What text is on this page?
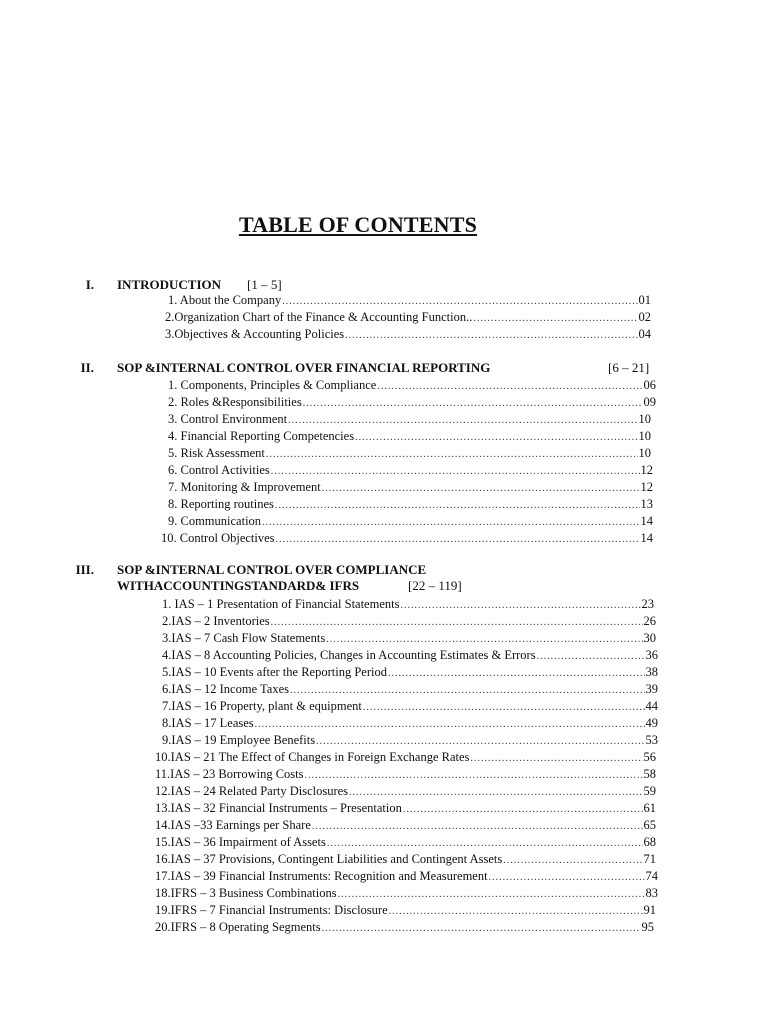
TABLE OF CONTENTS
I. INTRODUCTION [1 – 5]
1. About the Company .....	01
2.Organization Chart of the Finance & Accounting Function.. .....	02
3.Objectives & Accounting Policies .....	04
II. SOP &INTERNAL CONTROL OVER FINANCIAL REPORTING	[6 – 21]
1. Components, Principles & Compliance .....	06
2. Roles &Responsibilities .....	09
3. Control Environment .....	10
4. Financial Reporting Competencies .....	10
5. Risk Assessment .....	10
6. Control Activities .....	12
7. Monitoring & Improvement .....	12
8. Reporting routines .....	13
9. Communication .....	14
10. Control Objectives .....	14
III. SOP &INTERNAL CONTROL OVER COMPLIANCE
WITHACCOUNTINGSTANDARD& IFRS	[22 – 119]
1. IAS – 1 Presentation of Financial Statements .....	23
2.IAS – 2 Inventories .....	26
3.IAS – 7 Cash Flow Statements .....	30
4.IAS – 8 Accounting Policies, Changes in Accounting Estimates & Errors .....	36
5.IAS – 10 Events after the Reporting Period .....	38
6.IAS – 12 Income Taxes .....	39
7.IAS – 16 Property, plant & equipment .....	44
8.IAS – 17 Leases .....	49
9.IAS – 19 Employee Benefits .....	53
10.IAS – 21 The Effect of Changes in Foreign Exchange Rates .....	56
11.IAS – 23 Borrowing Costs .....	58
12.IAS – 24 Related Party Disclosures .....	59
13.IAS – 32 Financial Instruments – Presentation .....	61
14.IAS –33 Earnings per Share .....	65
15.IAS – 36 Impairment of Assets .....	68
16.IAS – 37 Provisions, Contingent Liabilities and Contingent Assets .....	71
17.IAS – 39 Financial Instruments: Recognition and Measurement .....	74
18.IFRS – 3 Business Combinations .....	83
19.IFRS – 7 Financial Instruments: Disclosure .....	91
20.IFRS – 8 Operating Segments .....	95
